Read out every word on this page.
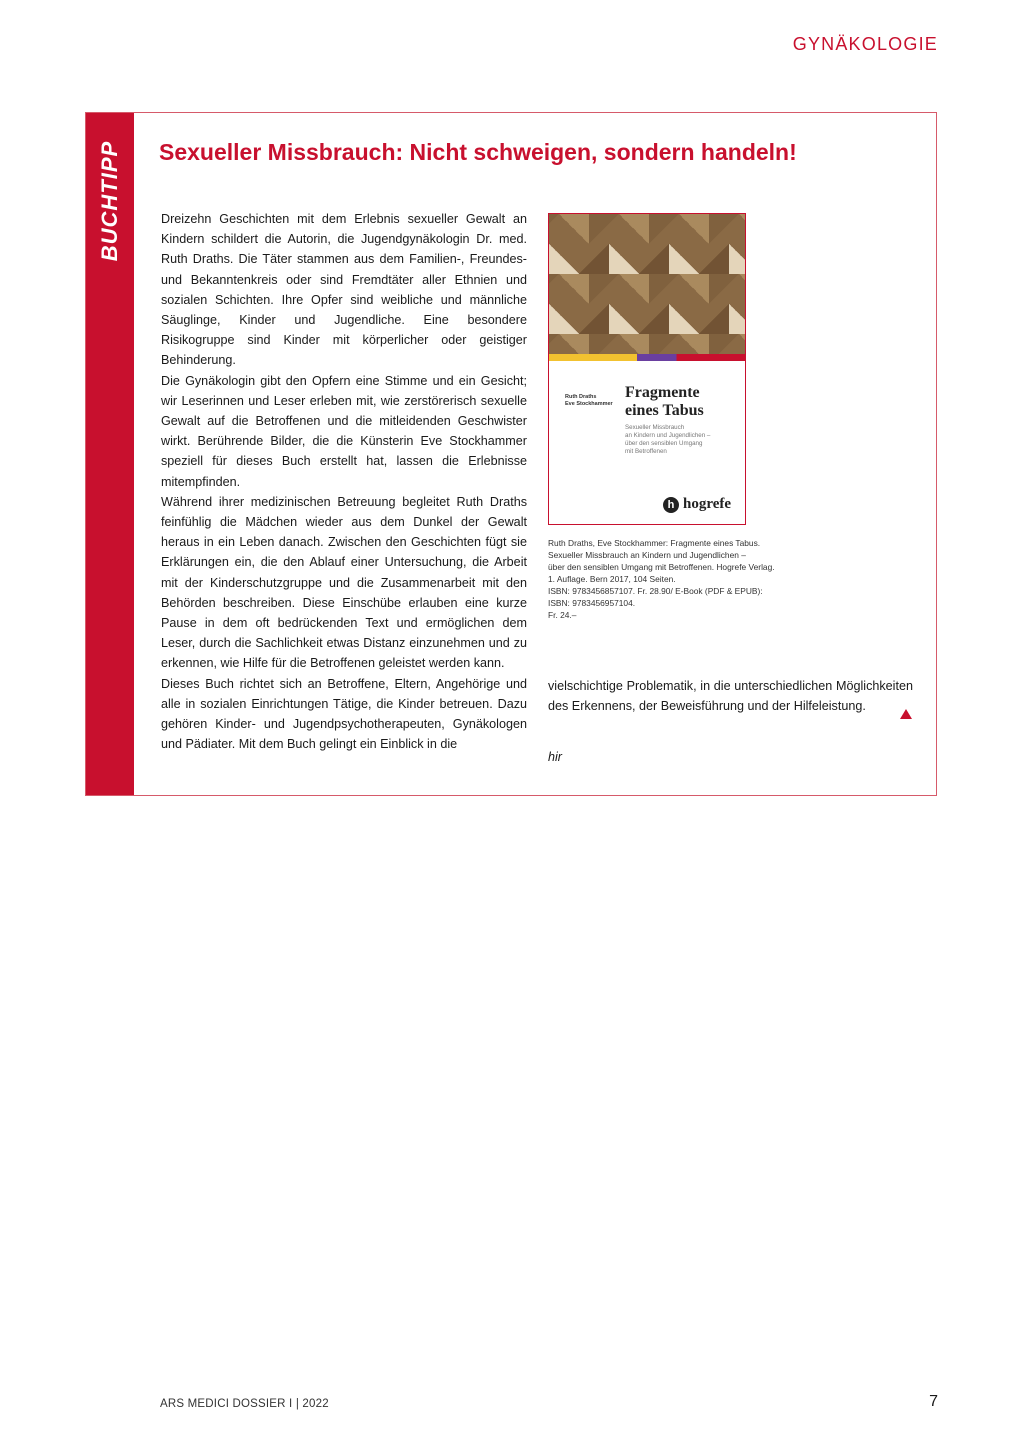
GYNÄKOLOGIE
BUCHTIPP Sexueller Missbrauch: Nicht schweigen, sondern handeln!

Dreizehn Geschichten mit dem Erlebnis sexueller Gewalt an Kindern schildert die Autorin, die Jugendgynäkologin Dr. med. Ruth Draths. Die Täter stammen aus dem Familien-, Freundes- und Bekanntenkreis oder sind Fremdtäter aller Ethnien und sozialen Schichten. Ihre Opfer sind weibliche und männliche Säuglinge, Kinder und Jugendliche. Eine besondere Risikogruppe sind Kinder mit körperlicher oder geistiger Behinderung.

Die Gynäkologin gibt den Opfern eine Stimme und ein Gesicht; wir Leserinnen und Leser erleben mit, wie zerstörerisch sexuelle Gewalt auf die Betroffenen und die mitleidenden Geschwister wirkt. Berührende Bilder, die die Künsterin Eve Stockhammer speziell für dieses Buch erstellt hat, lassen die Erlebnisse mitempfinden.

Während ihrer medizinischen Betreuung begleitet Ruth Draths feinfühlig die Mädchen wieder aus dem Dunkel der Gewalt heraus in ein Leben danach. Zwischen den Geschichten fügt sie Erklärungen ein, die den Ablauf einer Untersuchung, die Arbeit mit der Kinderschutzgruppe und die Zusammenarbeit mit den Behörden beschreiben. Diese Einschübe erlauben eine kurze Pause in dem oft bedrückenden Text und ermöglichen dem Leser, durch die Sachlichkeit etwas Distanz einzunehmen und zu erkennen, wie Hilfe für die Betroffenen geleistet werden kann.

Dieses Buch richtet sich an Betroffene, Eltern, Angehörige und alle in sozialen Einrichtungen Tätige, die Kinder betreuen. Dazu gehören Kinder- und Jugendpsychotherapeuten, Gynäkologen und Pädiater. Mit dem Buch gelingt ein Einblick in die

Ruth Draths
Eve Stockhammer
Fragmente
eines Tabus
Sexueller Missbrauch
an Kindern und Jugendlichen –
über den sensiblen Umgang
mit Betroffenen
h hogrefe
Ruth Draths, Eve Stockhammer: Fragmente eines Tabus.
Sexueller Missbrauch an Kindern und Jugendlichen –
über den sensiblen Umgang mit Betroffenen. Hogrefe Verlag.
1. Auflage. Bern 2017, 104 Seiten.
ISBN: 9783456857107. Fr. 28.90/ E-Book (PDF & EPUB):
ISBN: 9783456957104.
Fr. 24.–

vielschichtige Problematik, in die unterschiedlichen Möglichkeiten des Erkennens, der Beweisführung und der Hilfeleistung.

hir
ARS MEDICI DOSSIER I | 2022	7
